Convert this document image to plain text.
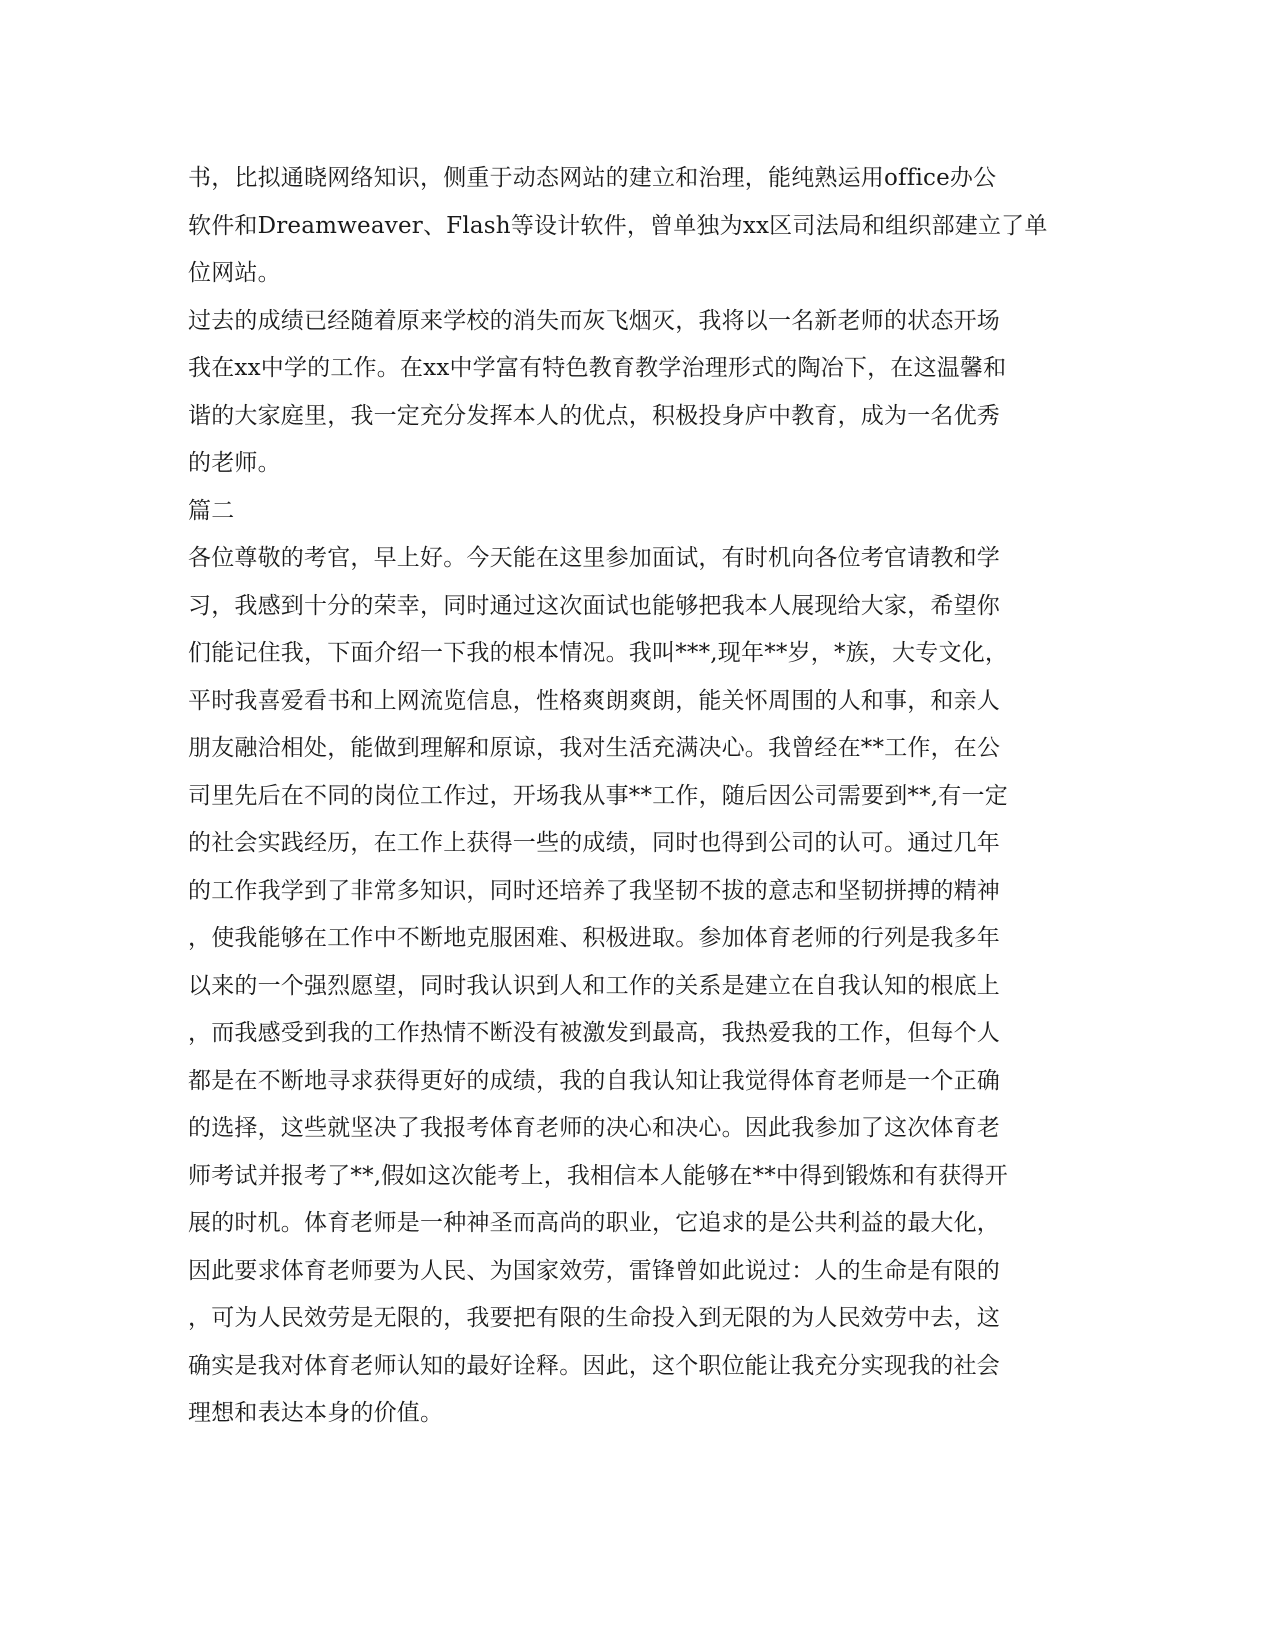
书，比拟通晓网络知识，侧重于动态网站的建立和治理，能纯熟运用office办公
软件和Dreamweaver、Flash等设计软件，曾单独为xx区司法局和组织部建立了单
位网站。
过去的成绩已经随着原来学校的消失而灰飞烟灭，我将以一名新老师的状态开场
我在xx中学的工作。在xx中学富有特色教育教学治理形式的陶冶下，在这温馨和
谐的大家庭里，我一定充分发挥本人的优点，积极投身庐中教育，成为一名优秀
的老师。
篇二
各位尊敬的考官，早上好。今天能在这里参加面试，有时机向各位考官请教和学
习，我感到十分的荣幸，同时通过这次面试也能够把我本人展现给大家，希望你
们能记住我，下面介绍一下我的根本情况。我叫***,现年**岁，*族，大专文化，
平时我喜爱看书和上网流览信息，性格爽朗爽朗，能关怀周围的人和事，和亲人
朋友融洽相处，能做到理解和原谅，我对生活充满决心。我曾经在**工作，在公
司里先后在不同的岗位工作过，开场我从事**工作，随后因公司需要到**,有一定
的社会实践经历，在工作上获得一些的成绩，同时也得到公司的认可。通过几年
的工作我学到了非常多知识，同时还培养了我坚韧不拔的意志和坚韧拼搏的精神
，使我能够在工作中不断地克服困难、积极进取。参加体育老师的行列是我多年
以来的一个强烈愿望，同时我认识到人和工作的关系是建立在自我认知的根底上
，而我感受到我的工作热情不断没有被激发到最高，我热爱我的工作，但每个人
都是在不断地寻求获得更好的成绩，我的自我认知让我觉得体育老师是一个正确
的选择，这些就坚决了我报考体育老师的决心和决心。因此我参加了这次体育老
师考试并报考了**,假如这次能考上，我相信本人能够在**中得到锻炼和有获得开
展的时机。体育老师是一种神圣而高尚的职业，它追求的是公共利益的最大化，
因此要求体育老师要为人民、为国家效劳，雷锋曾如此说过：人的生命是有限的
，可为人民效劳是无限的，我要把有限的生命投入到无限的为人民效劳中去，这
确实是我对体育老师认知的最好诠释。因此，这个职位能让我充分实现我的社会
理想和表达本身的价值。
